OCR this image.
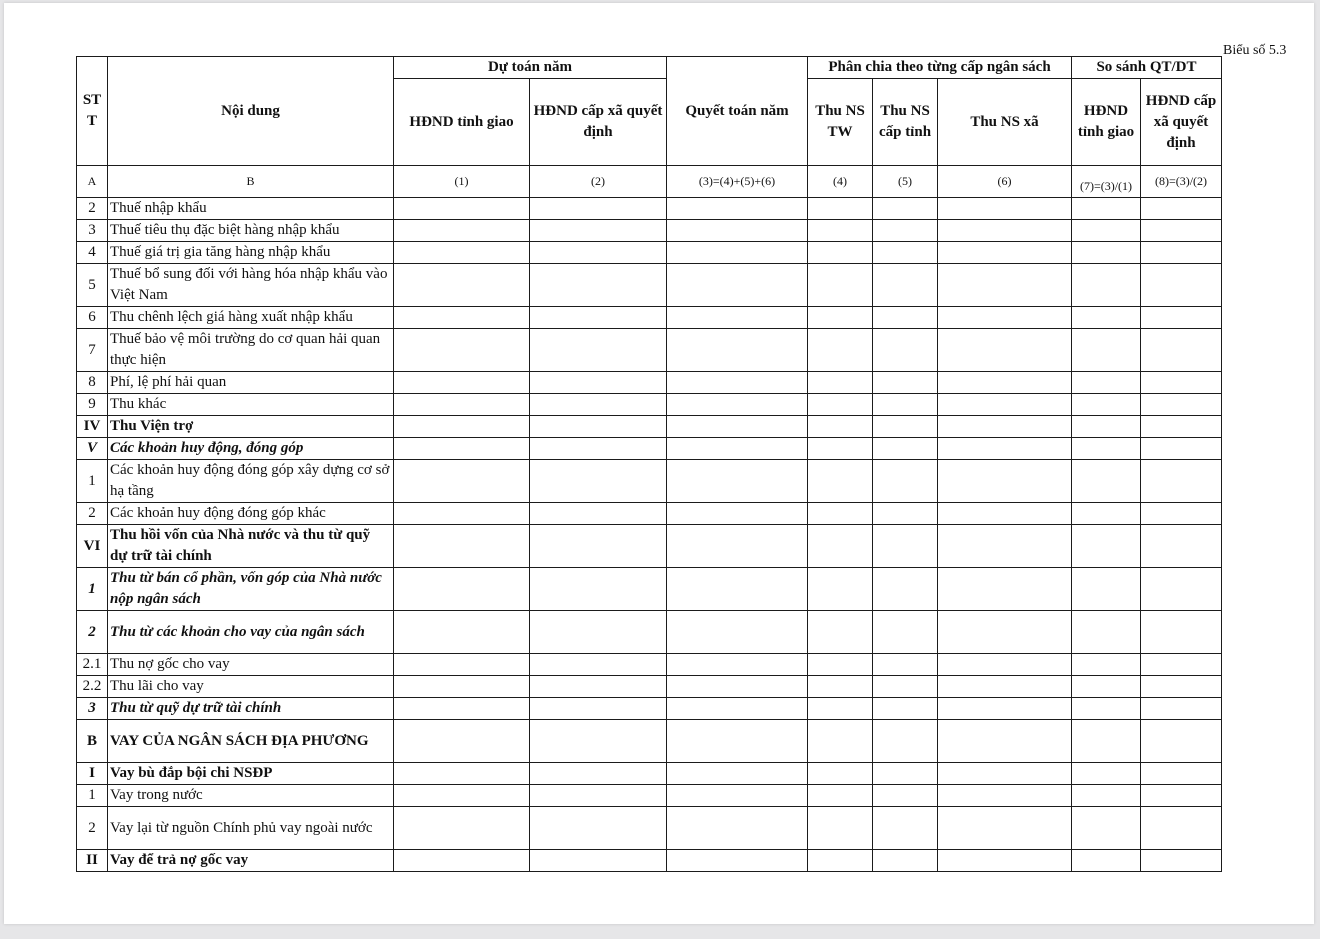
Biểu số 5.3
ST T	Nội dung	Dự toán năm		Quyết toán năm	Phân chia theo từng cấp ngân sách			So sánh QT/DT	
		HĐND tỉnh giao	HĐND cấp xã quyết định		Thu NS TW	Thu NS cấp tỉnh	Thu NS xã	HĐND tỉnh giao	HĐND cấp xã quyết định
A	B	(1)	(2)	(3)=(4)+(5)+(6)	(4)	(5)	(6)	(7)=(3)/(1)	(8)=(3)/(2)
2	Thuế nhập khẩu								
3	Thuế tiêu thụ đặc biệt hàng nhập khẩu								
4	Thuế giá trị gia tăng hàng nhập khẩu								
5	Thuế bổ sung đối với hàng hóa nhập khẩu vào Việt Nam								
6	Thu chênh lệch giá hàng xuất nhập khẩu								
7	Thuế bảo vệ môi trường do cơ quan hải quan thực hiện								
8	Phí, lệ phí hải quan								
9	Thu khác								
IV	Thu Viện trợ								
V	Các khoản huy động, đóng góp								
1	Các khoản huy động đóng góp xây dựng cơ sở hạ tầng								
2	Các khoản huy động đóng góp khác								
VI	Thu hồi vốn của Nhà nước và thu từ quỹ dự trữ tài chính								
1	Thu từ bán cổ phần, vốn góp của Nhà nước nộp ngân sách								
2	Thu từ các khoản cho vay của ngân sách								
2.1	Thu nợ gốc cho vay								
2.2	Thu lãi cho vay								
3	Thu từ quỹ dự trữ tài chính								
B	VAY CỦA NGÂN SÁCH ĐỊA PHƯƠNG								
I	Vay bù đắp bội chi NSĐP								
1	Vay trong nước								
2	Vay lại từ nguồn Chính phủ vay ngoài nước								
II	Vay để trả nợ gốc vay								
